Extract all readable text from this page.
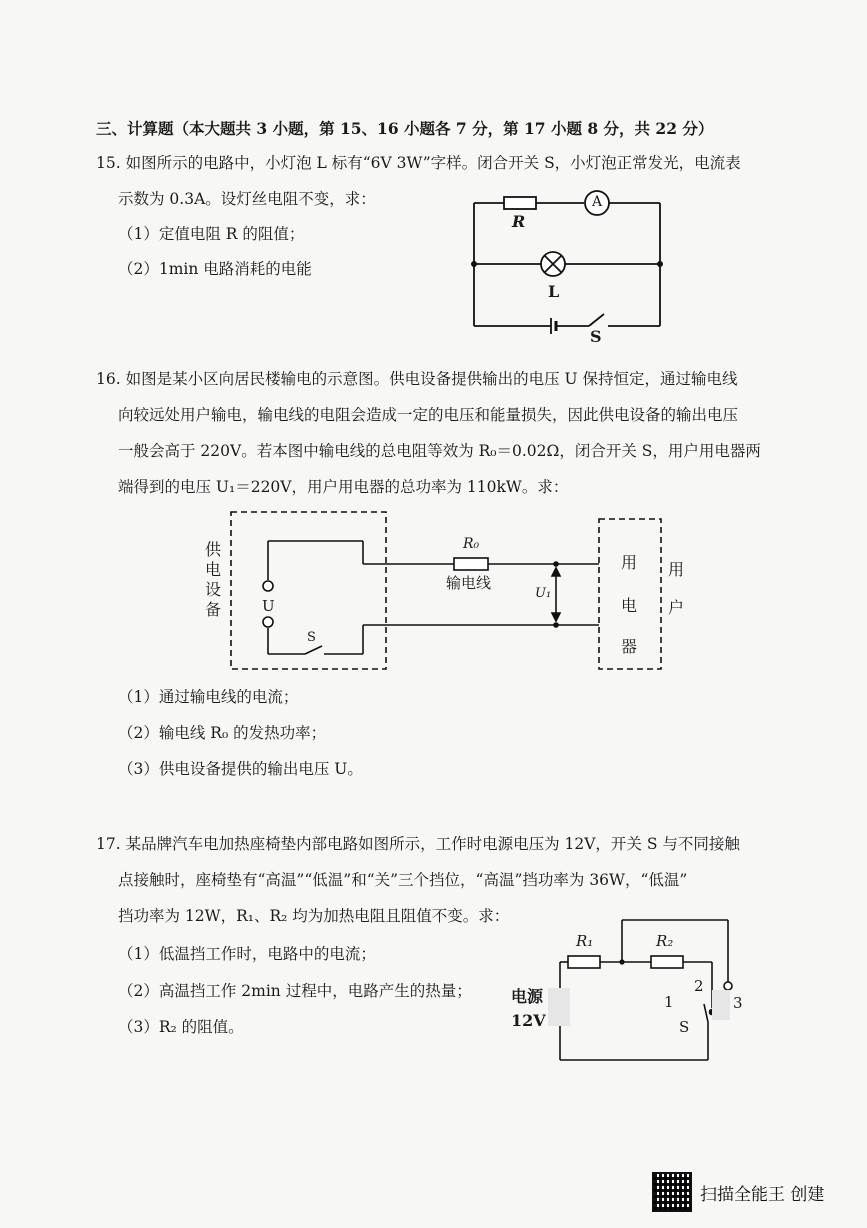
三、计算题（本大题共 3 小题，第 15、16 小题各 7 分，第 17 小题 8 分，共 22 分）
15. 如图所示的电路中，小灯泡 L 标有“6V 3W”字样。闭合开关 S，小灯泡正常发光，电流表
示数为 0.3A。设灯丝电阻不变，求：
（1）定值电阻 R 的阻值；
（2）1min 电路消耗的电能
R
A
L
S
16. 如图是某小区向居民楼输电的示意图。供电设备提供输出的电压 U 保持恒定，通过输电线
向较远处用户输电，输电线的电阻会造成一定的电压和能量损失，因此供电设备的输出电压
一般会高于 220V。若本图中输电线的总电阻等效为 R₀＝0.02Ω，闭合开关 S，用户用电器两
端得到的电压 U₁＝220V，用户用电器的总功率为 110kW。求：
供
电
设
备	U
S
R₀
输电线
U₁
用
电
器
用
户
（1）通过输电线的电流；
（2）输电线 R₀ 的发热功率；
（3）供电设备提供的输出电压 U。
17. 某品牌汽车电加热座椅垫内部电路如图所示，工作时电源电压为 12V，开关 S 与不同接触
点接触时，座椅垫有“高温”“低温”和“关”三个挡位，“高温”挡功率为 36W，“低温”
挡功率为 12W，R₁、R₂ 均为加热电阻且阻值不变。求：
（1）低温挡工作时，电路中的电流；
（2）高温挡工作 2min 过程中，电路产生的热量；
（3）R₂ 的阻值。
R₁	R₂
电源
12V
1
2
3
S
扫描全能王 创建
